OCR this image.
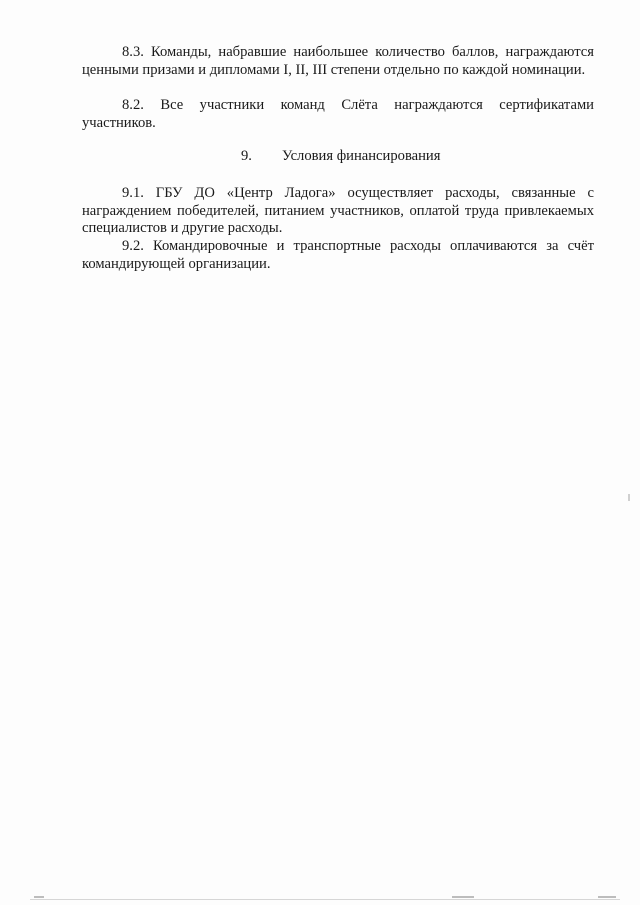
8.3. Команды, набравшие наибольшее количество баллов, награждаются ценными призами и дипломами I, II, III степени отдельно по каждой номинации.

8.2. Все участники команд Слёта награждаются сертификатами участников.

9. Условия финансирования

9.1. ГБУ ДО «Центр Ладога» осуществляет расходы, связанные с награждением победителей, питанием участников, оплатой труда привлекаемых специалистов и другие расходы.

9.2. Командировочные и транспортные расходы оплачиваются за счёт командирующей организации.
